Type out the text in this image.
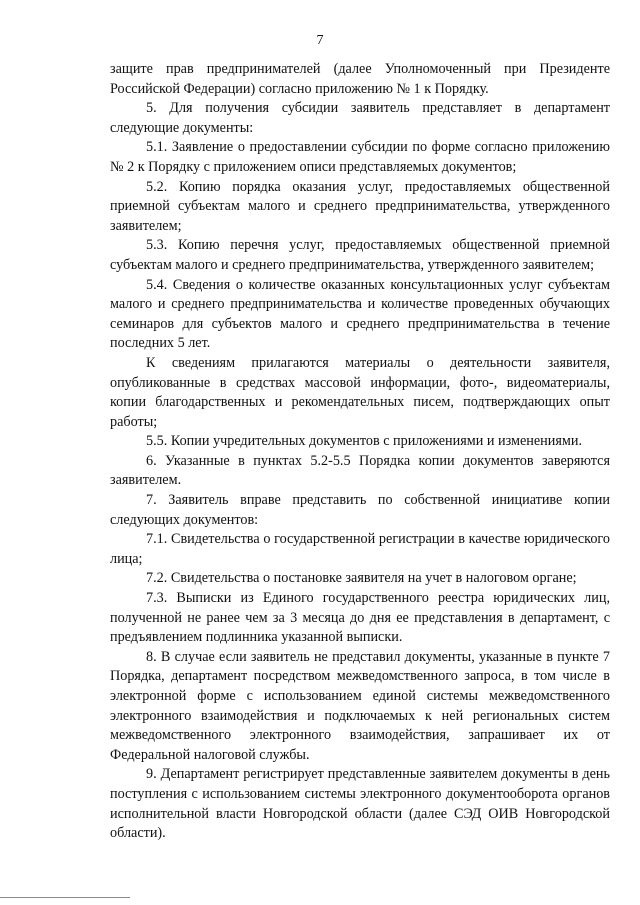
7

защите прав предпринимателей (далее Уполномоченный при Президенте Российской Федерации) согласно приложению № 1 к Порядку.

5. Для получения субсидии заявитель представляет в департамент следующие документы:

5.1. Заявление о предоставлении субсидии по форме согласно приложению № 2 к Порядку с приложением описи представляемых документов;

5.2. Копию порядка оказания услуг, предоставляемых общественной приемной субъектам малого и среднего предпринимательства, утвержденного заявителем;

5.3. Копию перечня услуг, предоставляемых общественной приемной субъектам малого и среднего предпринимательства, утвержденного заявителем;

5.4. Сведения о количестве оказанных консультационных услуг субъектам малого и среднего предпринимательства и количестве проведенных обучающих семинаров для субъектов малого и среднего предпринимательства в течение последних 5 лет.

К сведениям прилагаются материалы о деятельности заявителя, опубликованные в средствах массовой информации, фото-, видеоматериалы, копии благодарственных и рекомендательных писем, подтверждающих опыт работы;

5.5. Копии учредительных документов с приложениями и изменениями.

6. Указанные в пунктах 5.2-5.5 Порядка копии документов заверяются заявителем.

7. Заявитель вправе представить по собственной инициативе копии следующих документов:

7.1. Свидетельства о государственной регистрации в качестве юридического лица;

7.2. Свидетельства о постановке заявителя на учет в налоговом органе;

7.3. Выписки из Единого государственного реестра юридических лиц, полученной не ранее чем за 3 месяца до дня ее представления в департамент, с предъявлением подлинника указанной выписки.

8. В случае если заявитель не представил документы, указанные в пункте 7 Порядка, департамент посредством межведомственного запроса, в том числе в электронной форме с использованием единой системы межведомственного электронного взаимодействия и подключаемых к ней региональных систем межведомственного электронного взаимодействия, запрашивает их от Федеральной налоговой службы.

9. Департамент регистрирует представленные заявителем документы в день поступления с использованием системы электронного документооборота органов исполнительной власти Новгородской области (далее СЭД ОИВ Новгородской области).
